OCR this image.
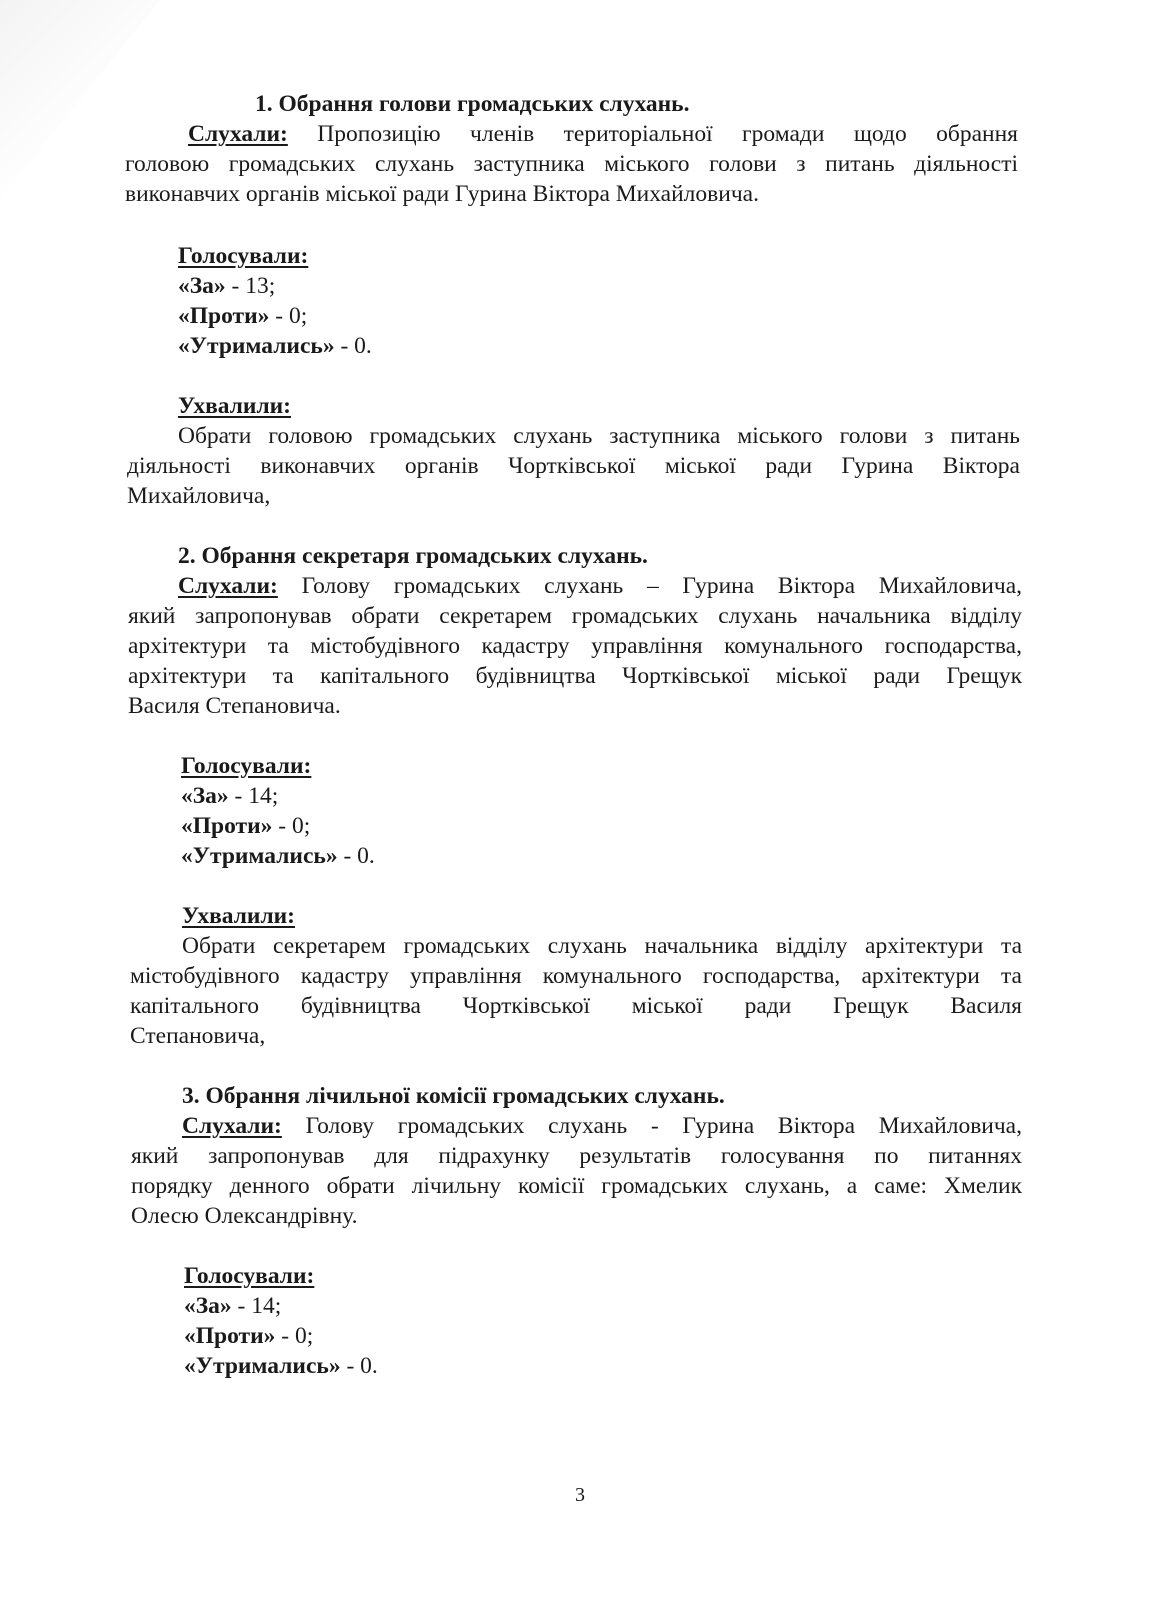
1. Обрання голови громадських слухань.
Слухали: Пропозицію членів територіальної громади щодо обрання
головою громадських слухань заступника міського голови з питань діяльності
виконавчих органів міської ради Гурина Віктора Михайловича.
Голосували:
«За» - 13;
«Проти» - 0;
«Утримались» - 0.
Ухвалили:
Обрати головою громадських слухань заступника міського голови з питань
діяльності виконавчих органів Чортківської міської ради Гурина Віктора
Михайловича,
2. Обрання секретаря громадських слухань.
Слухали: Голову громадських слухань – Гурина Віктора Михайловича,
який запропонував обрати секретарем громадських слухань начальника відділу
архітектури та містобудівного кадастру управління комунального господарства,
архітектури та капітального будівництва Чортківської міської ради Грещук
Василя Степановича.
Голосували:
«За» - 14;
«Проти» - 0;
«Утримались» - 0.
Ухвалили:
Обрати секретарем громадських слухань начальника відділу архітектури та
містобудівного кадастру управління комунального господарства, архітектури та
капітального будівництва Чортківської міської ради Грещук Василя
Степановича,
3. Обрання лічильної комісії громадських слухань.
Слухали: Голову громадських слухань - Гурина Віктора Михайловича,
який запропонував для підрахунку результатів голосування по питаннях
порядку денного обрати лічильну комісії громадських слухань, а саме: Хмелик
Олесю Олександрівну.
Голосували:
«За» - 14;
«Проти» - 0;
«Утримались» - 0.
3
